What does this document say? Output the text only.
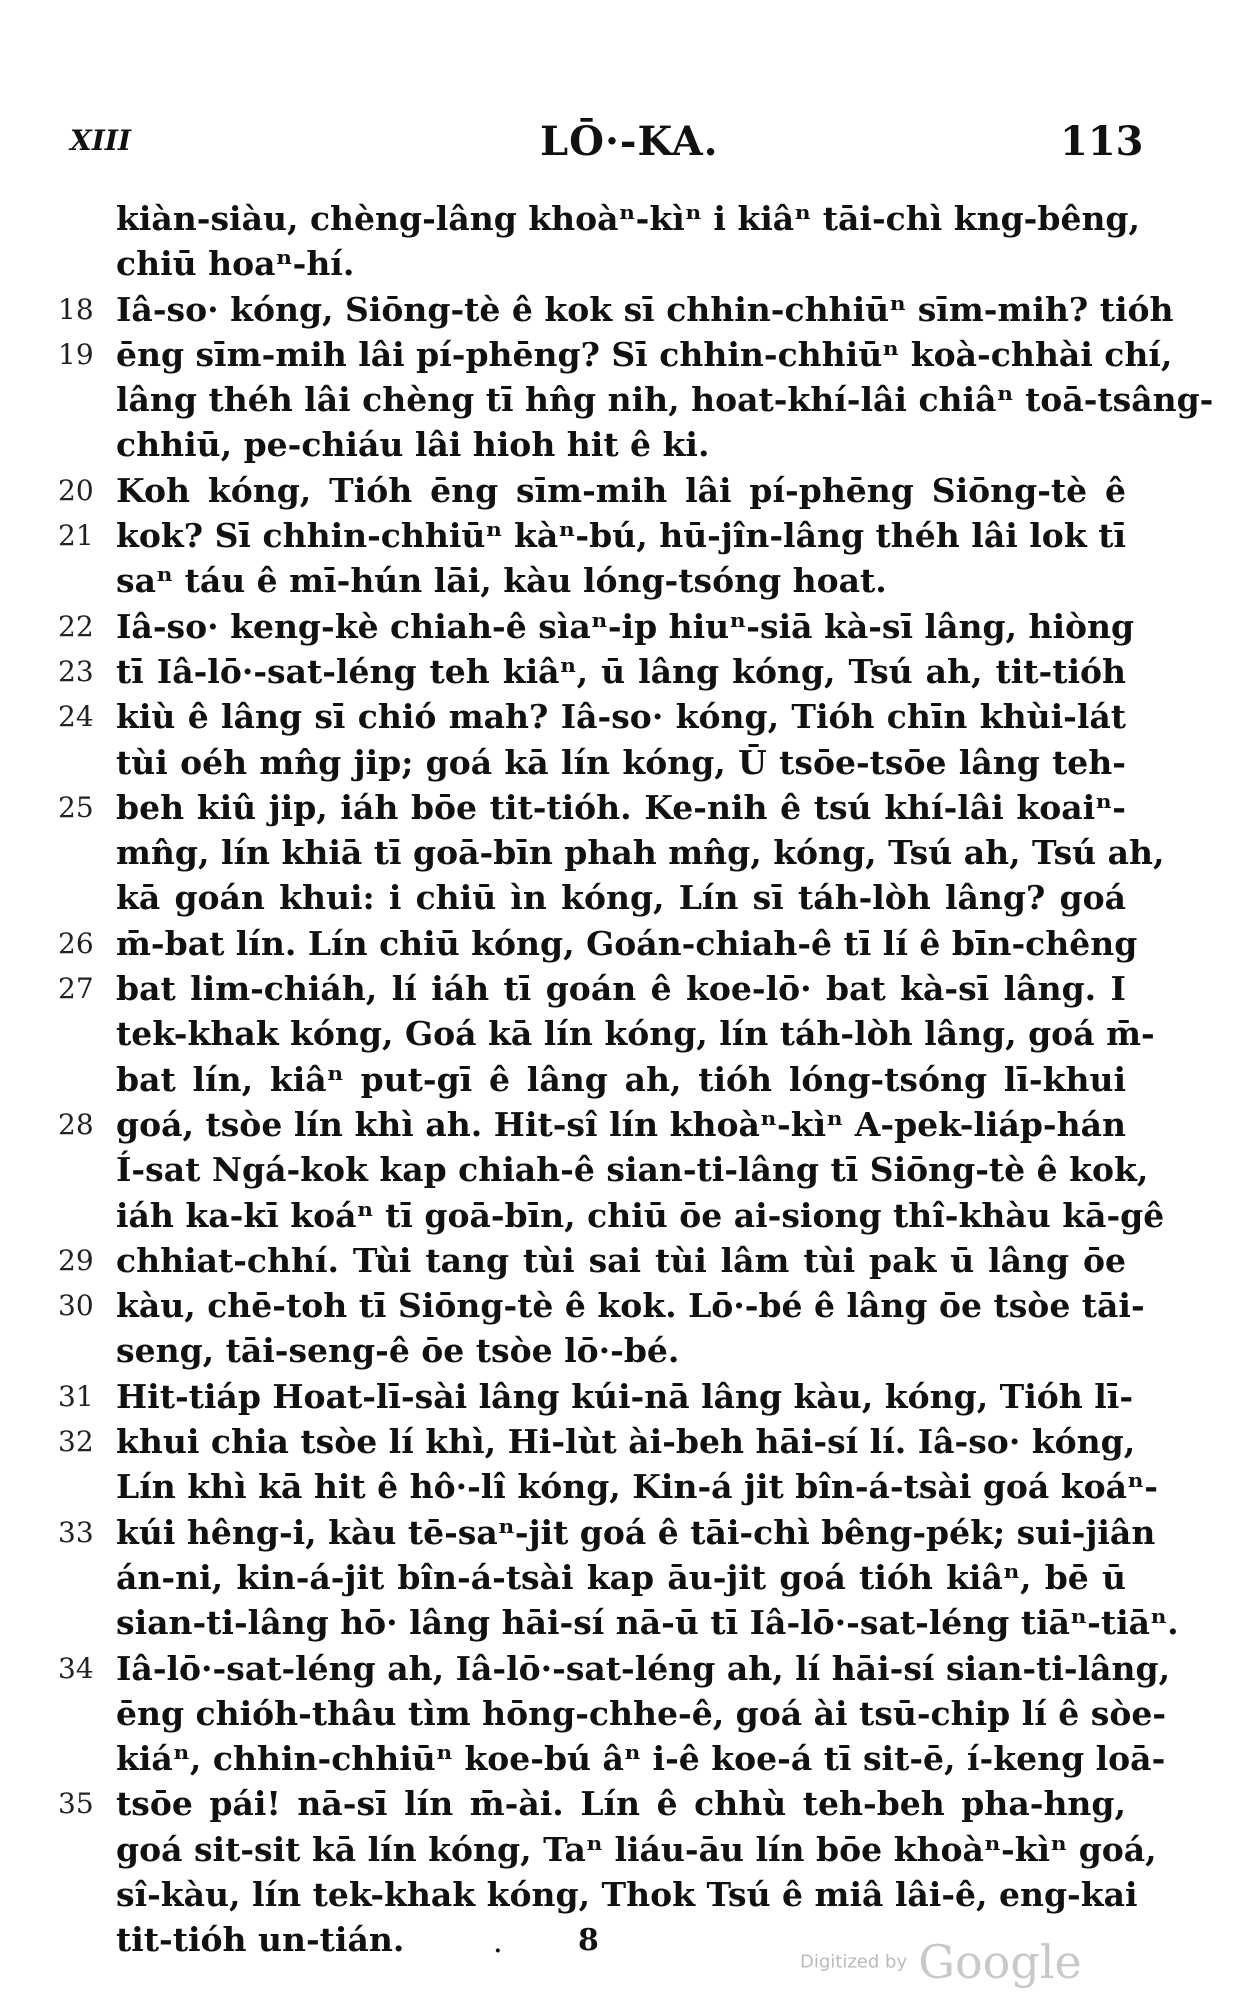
XIII	LŌ·-KA.	113
kiàn-siàu, chèng-lâng khoàⁿ-kìⁿ i kiâⁿ tāi-chì kng-bêng,
chiū hoaⁿ-hí.
18 Iâ-so· kóng, Siōng-tè ê kok sī chhin-chhiūⁿ sīm-mih? tióh
19 ēng sīm-mih lâi pí-phēng? Sī chhin-chhiūⁿ koà-chhài chí,
lâng théh lâi chèng tī hn̂g nih, hoat-khí-lâi chiâⁿ toā-tsâng-
chhiū, pe-chiáu lâi hioh hit ê ki.
20 Koh kóng, Tióh ēng sīm-mih lâi pí-phēng Siōng-tè ê
21 kok? Sī chhin-chhiūⁿ kàⁿ-bú, hū-jîn-lâng théh lâi lok tī
saⁿ táu ê mī-hún lāi, kàu lóng-tsóng hoat.
22 Iâ-so· keng-kè chiah-ê sìaⁿ-ip hiuⁿ-siā kà-sī lâng, hiòng
23 tī Iâ-lō·-sat-léng teh kiâⁿ, ū lâng kóng, Tsú ah, tit-tióh
24 kiù ê lâng sī chió mah? Iâ-so· kóng, Tióh chīn khùi-lát
tùi oéh mn̂g jip; goá kā lín kóng, Ū tsōe-tsōe lâng teh-
25 beh kiû jip, iáh bōe tit-tióh. Ke-nih ê tsú khí-lâi koaiⁿ-
mn̂g, lín khiā tī goā-bīn phah mn̂g, kóng, Tsú ah, Tsú ah,
kā goán khui: i chiū ìn kóng, Lín sī táh-lòh lâng? goá
26 m̄-bat lín. Lín chiū kóng, Goán-chiah-ê tī lí ê bīn-chêng
27 bat lim-chiáh, lí iáh tī goán ê koe-lō· bat kà-sī lâng. I
tek-khak kóng, Goá kā lín kóng, lín táh-lòh lâng, goá m̄-
bat lín, kiâⁿ put-gī ê lâng ah, tióh lóng-tsóng lī-khui
28 goá, tsòe lín khì ah. Hit-sî lín khoàⁿ-kìⁿ A-pek-liáp-hán
Í-sat Ngá-kok kap chiah-ê sian-ti-lâng tī Siōng-tè ê kok,
iáh ka-kī koáⁿ tī goā-bīn, chiū ōe ai-siong thî-khàu kā-gê
29 chhiat-chhí. Tùi tang tùi sai tùi lâm tùi pak ū lâng ōe
30 kàu, chē-toh tī Siōng-tè ê kok. Lō·-bé ê lâng ōe tsòe tāi-
seng, tāi-seng-ê ōe tsòe lō·-bé.
31 Hit-tiáp Hoat-lī-sài lâng kúi-nā lâng kàu, kóng, Tióh lī-
32 khui chia tsòe lí khì, Hi-lùt ài-beh hāi-sí lí. Iâ-so· kóng,
Lín khì kā hit ê hô·-lî kóng, Kin-á jit bîn-á-tsài goá koáⁿ-
33 kúi hêng-i, kàu tē-saⁿ-jit goá ê tāi-chì bêng-pék; sui-jiân
án-ni, kin-á-jit bîn-á-tsài kap āu-jit goá tióh kiâⁿ, bē ū
sian-ti-lâng hō· lâng hāi-sí nā-ū tī Iâ-lō·-sat-léng tiāⁿ-tiāⁿ.
34 Iâ-lō·-sat-léng ah, Iâ-lō·-sat-léng ah, lí hāi-sí sian-ti-lâng,
ēng chióh-thâu tìm hōng-chhe-ê, goá ài tsū-chip lí ê sòe-
kiáⁿ, chhin-chhiūⁿ koe-bú âⁿ i-ê koe-á tī sit-ē, í-keng loā-
35 tsōe pái! nā-sī lín m̄-ài. Lín ê chhù teh-beh pha-hng,
goá sit-sit kā lín kóng, Taⁿ liáu-āu lín bōe khoàⁿ-kìⁿ goá,
sî-kàu, lín tek-khak kóng, Thok Tsú ê miâ lâi-ê, eng-kai
tit-tióh un-tián.	·	8
Digitized by Google
